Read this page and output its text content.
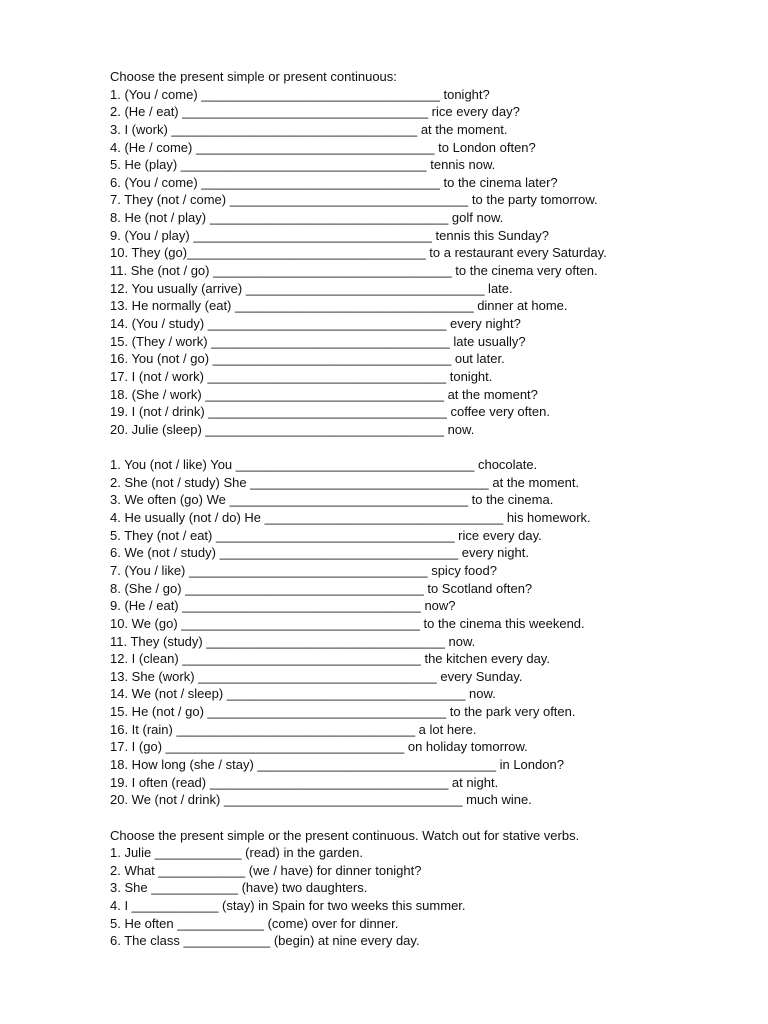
Choose the present simple or present continuous:
1. (You / come) _________________________________ tonight?
2. (He / eat) __________________________________ rice every day?
3. I (work) __________________________________ at the moment.
4. (He / come) _________________________________ to London often?
5. He (play) __________________________________ tennis now.
6. (You / come) _________________________________ to the cinema later?
7. They (not / come) _________________________________ to the party tomorrow.
8. He (not / play) _________________________________ golf now.
9. (You / play) _________________________________ tennis this Sunday?
10. They (go)_________________________________ to a restaurant every Saturday.
11. She (not / go) _________________________________ to the cinema very often.
12. You usually (arrive) _________________________________ late.
13. He normally (eat) _________________________________ dinner at home.
14. (You / study) _________________________________ every night?
15. (They / work) _________________________________ late usually?
16. You (not / go) _________________________________ out later.
17. I (not / work) _________________________________ tonight.
18. (She / work) _________________________________ at the moment?
19. I (not / drink) _________________________________ coffee very often.
20. Julie (sleep) _________________________________ now.
1. You (not / like) You _________________________________ chocolate.
2. She (not / study) She _________________________________ at the moment.
3. We often (go) We _________________________________ to the cinema.
4. He usually (not / do) He _________________________________ his homework.
5. They (not / eat) _________________________________ rice every day.
6. We (not / study) _________________________________ every night.
7. (You / like) _________________________________ spicy food?
8. (She / go) _________________________________ to Scotland often?
9. (He / eat) _________________________________ now?
10. We (go) _________________________________ to the cinema this weekend.
11. They (study) _________________________________ now.
12. I (clean) _________________________________ the kitchen every day.
13. She (work) _________________________________ every Sunday.
14. We (not / sleep) _________________________________ now.
15. He (not / go) _________________________________ to the park very often.
16. It (rain) _________________________________ a lot here.
17. I (go) _________________________________ on holiday tomorrow.
18. How long (she / stay) _________________________________ in London?
19. I often (read) _________________________________ at night.
20. We (not / drink) _________________________________ much wine.
Choose the present simple or the present continuous. Watch out for stative verbs.
1. Julie ____________ (read) in the garden.
2. What ____________ (we / have) for dinner tonight?
3. She ____________ (have) two daughters.
4. I ____________ (stay) in Spain for two weeks this summer.
5. He often ____________ (come) over for dinner.
6. The class ____________ (begin) at nine every day.
